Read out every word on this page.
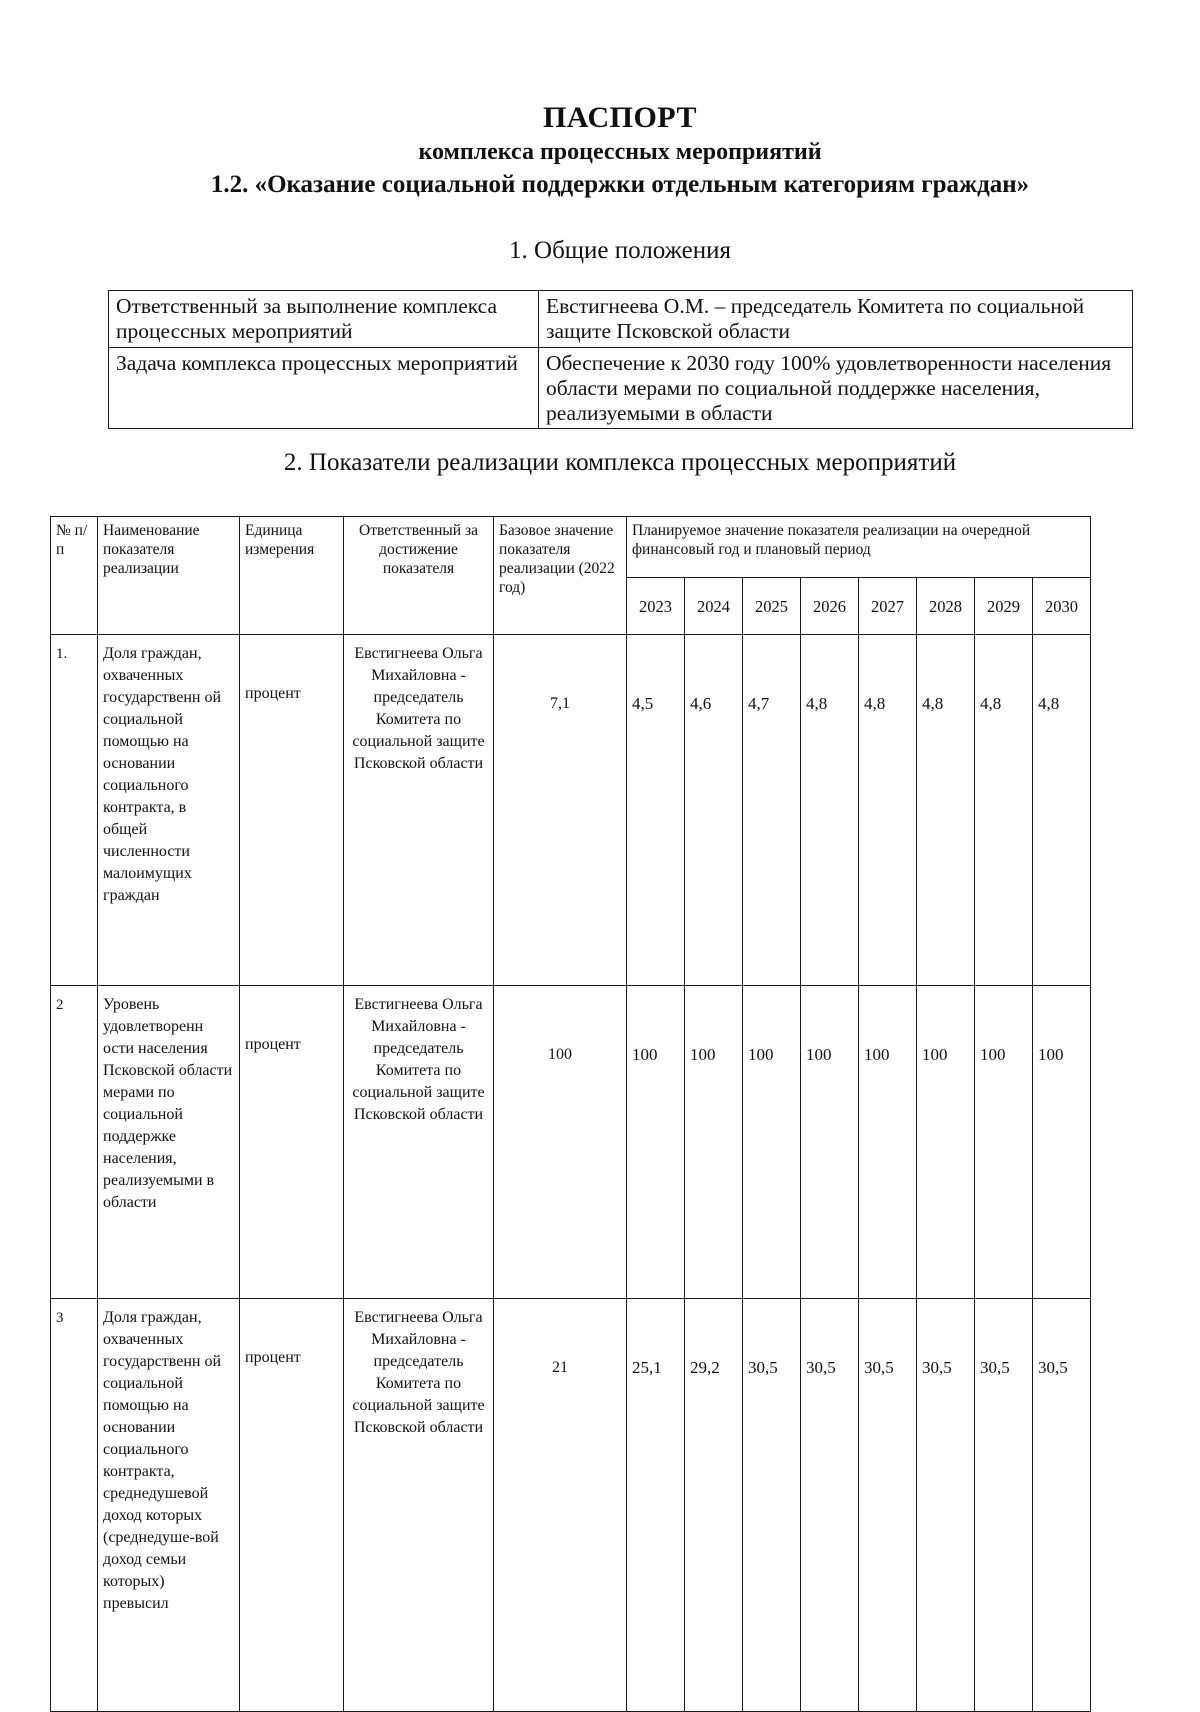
ПАСПОРТ
комплекса процессных мероприятий
1.2. «Оказание социальной поддержки отдельным категориям граждан»
1. Общие положения
Ответственный за выполнение комплекса процессных мероприятий	Евстигнеева О.М. – председатель Комитета по социальной защите Псковской области
Задача комплекса процессных мероприятий	Обеспечение к 2030 году 100% удовлетворенности населения области мерами по социальной поддержке населения, реализуемыми в области
2. Показатели реализации комплекса процессных мероприятий
№ п/п	Наименование показателя реализации	Единица измерения	Ответственный за достижение показателя	Базовое значение показателя реализации (2022 год)	Планируемое значение показателя реализации на очередной финансовый год и плановый период							
					2023	2024	2025	2026	2027	2028	2029	2030
1.	Доля граждан, охваченных государственн ой социальной помощью на основании социального контракта, в общей численности малоимущих граждан	процент	Евстигнеева Ольга Михайловна - председатель Комитета по социальной защите Псковской области	7,1	4,5	4,6	4,7	4,8	4,8	4,8	4,8	4,8
2	Уровень удовлетворенн ости населения Псковской области мерами по социальной поддержке населения, реализуемыми в области	процент	Евстигнеева Ольга Михайловна - председатель Комитета по социальной защите Псковской области	100	100	100	100	100	100	100	100	100
3	Доля граждан, охваченных государственн ой социальной помощью на основании социального контракта, среднедушевой доход которых (среднедуше-вой доход семьи которых) превысил	процент	Евстигнеева Ольга Михайловна - председатель Комитета по социальной защите Псковской области	21	25,1	29,2	30,5	30,5	30,5	30,5	30,5	30,5
